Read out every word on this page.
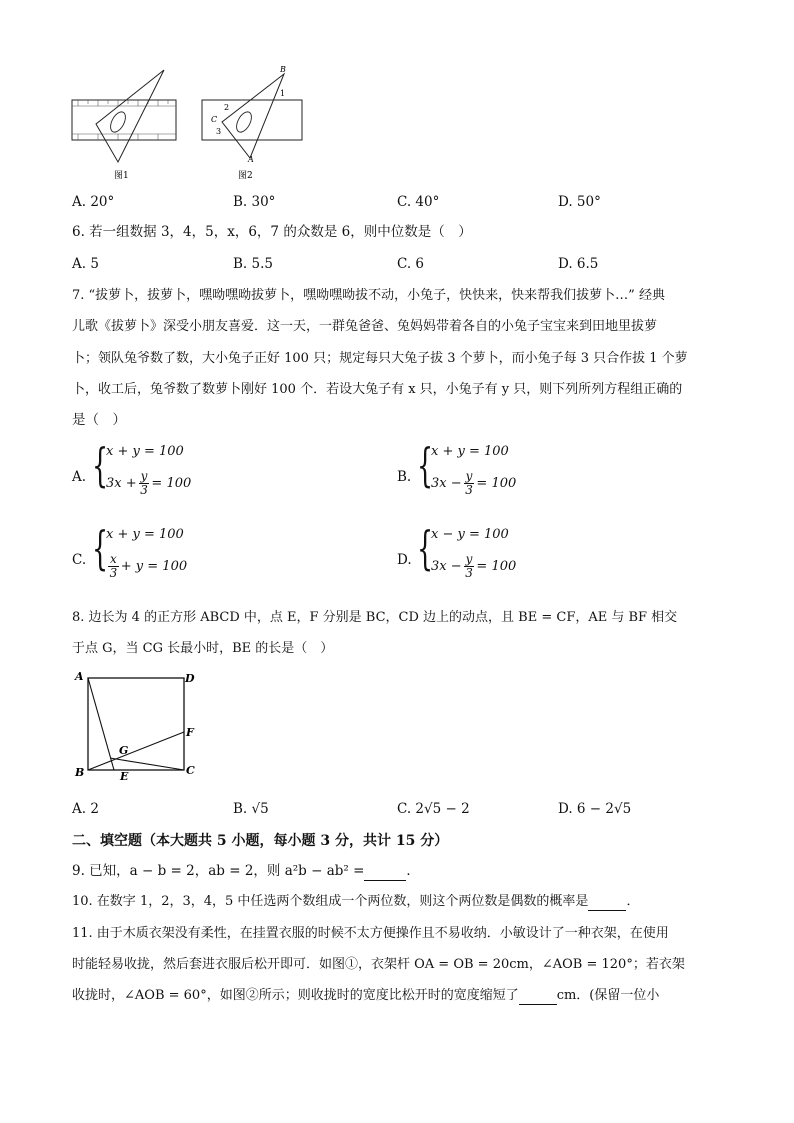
图1
B
1
2
C
3
A
图2
A. 20°	B. 30°	C. 40°	D. 50°
6. 若一组数据 3，4，5，x，6，7 的众数是 6，则中位数是（　）
A. 5	B. 5.5	C. 6	D. 6.5
7. “拔萝卜，拔萝卜，嘿呦嘿呦拔萝卜，嘿呦嘿呦拔不动，小兔子，快快来，快来帮我们拔萝卜…” 经典
儿歌《拔萝卜》深受小朋友喜爱．这一天，一群兔爸爸、兔妈妈带着各自的小兔子宝宝来到田地里拔萝
卜；领队兔爷数了数，大小兔子正好 100 只；规定每只大兔子拔 3 个萝卜，而小兔子每 3 只合作拔 1 个萝
卜，收工后，兔爷数了数萝卜刚好 100 个．若设大兔子有 x 只，小兔子有 y 只，则下列所列方程组正确的
是（　）
A. {
x + y = 100
$3x + \frac{y}{3} = 100$	B. {
x + y = 100
$3x - \frac{y}{3} = 100$
C. {
x + y = 100
$\frac{x}{3} + y = 100$	D. {
x − y = 100
$3x - \frac{y}{3} = 100$
8. 边长为 4 的正方形 ABCD 中，点 E，F 分别是 BC，CD 边上的动点，且 BE = CF，AE 与 BF 相交
于点 G，当 CG 长最小时，BE 的长是（　）
A	D
F
G
B	E	C
A. 2	B. √5	C. 2√5 − 2	D. 6 − 2√5
二、填空题（本大题共 5 小题，每小题 3 分，共计 15 分）
9. 已知，a − b = 2，ab = 2，则 a²b − ab² =	．
10. 在数字 1，2，3，4，5 中任选两个数组成一个两位数，则这个两位数是偶数的概率是	．
11. 由于木质衣架没有柔性，在挂置衣服的时候不太方便操作且不易收纳．小敏设计了一种衣架，在使用
时能轻易收拢，然后套进衣服后松开即可．如图①，衣架杆 OA = OB = 20cm，∠AOB = 120°；若衣架
收拢时，∠AOB = 60°，如图②所示；则收拢时的宽度比松开时的宽度缩短了	cm．(保留一位小
